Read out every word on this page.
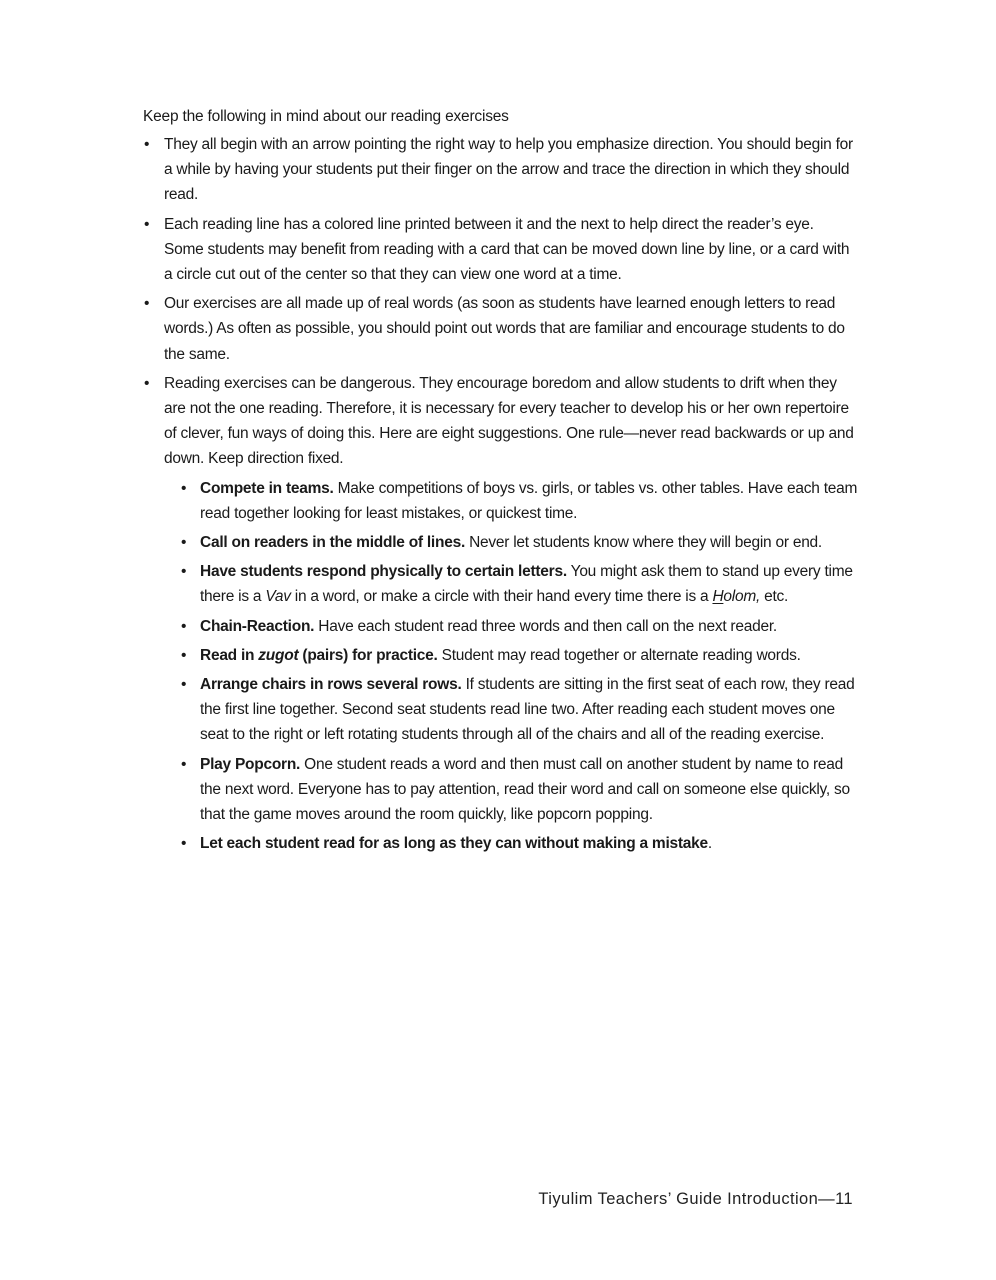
Keep the following in mind about our reading exercises

• They all begin with an arrow pointing the right way to help you emphasize direction. You should begin for a while by having your students put their finger on the arrow and trace the direction in which they should read.
• Each reading line has a colored line printed between it and the next to help direct the reader’s eye. Some students may benefit from reading with a card that can be moved down line by line, or a card with a circle cut out of the center so that they can view one word at a time.
• Our exercises are all made up of real words (as soon as students have learned enough letters to read words.) As often as possible, you should point out words that are familiar and encourage students to do the same.
• Reading exercises can be dangerous. They encourage boredom and allow students to drift when they are not the one reading. Therefore, it is necessary for every teacher to develop his or her own repertoire of clever, fun ways of doing this. Here are eight suggestions. One rule—never read backwards or up and down. Keep direction fixed.
• Compete in teams. Make competitions of boys vs. girls, or tables vs. other tables. Have each team read together looking for least mistakes, or quickest time.
• Call on readers in the middle of lines. Never let students know where they will begin or end.
• Have students respond physically to certain letters. You might ask them to stand up every time there is a Vav in a word, or make a circle with their hand every time there is a Holom, etc.
• Chain-Reaction. Have each student read three words and then call on the next reader.
• Read in zugot (pairs) for practice. Student may read together or alternate reading words.
• Arrange chairs in rows several rows. If students are sitting in the first seat of each row, they read the first line together. Second seat students read line two. After reading each student moves one seat to the right or left rotating students through all of the chairs and all of the reading exercise.
• Play Popcorn. One student reads a word and then must call on another student by name to read the next word. Everyone has to pay attention, read their word and call on someone else quickly, so that the game moves around the room quickly, like popcorn popping.
• Let each student read for as long as they can without making a mistake.
Tiyulim Teachers’ Guide Introduction—11
